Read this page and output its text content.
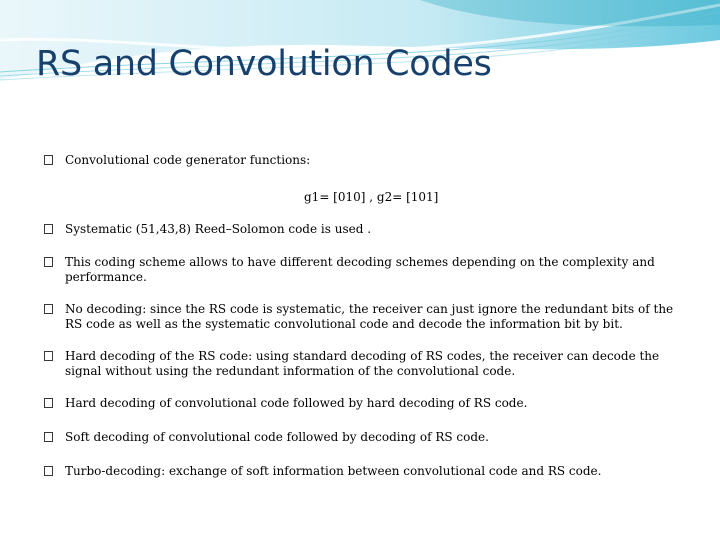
RS and Convolution Codes
Convolutional code generator functions:
g1= [010] , g2= [101]
Systematic (51,43,8) Reed–Solomon code is used .
This coding scheme allows to have different decoding schemes depending on the complexity and performance.
No decoding: since the RS code is systematic, the receiver can just ignore the redundant bits of the RS code as well as the systematic convolutional code and decode the information bit by bit.
Hard decoding of the RS code: using standard decoding of RS codes, the receiver can decode the signal without using the redundant information of the convolutional code.
Hard decoding of convolutional code followed by hard decoding of RS code.
Soft decoding of convolutional code followed by decoding of RS code.
Turbo-decoding: exchange of soft information between convolutional code and RS code.
